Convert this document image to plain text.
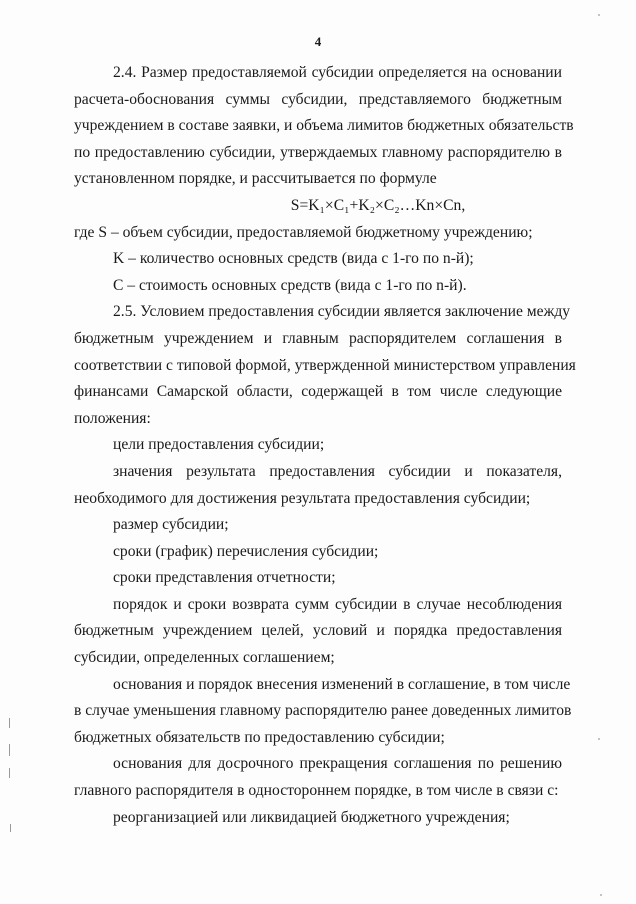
4
2.4. Размер предоставляемой субсидии определяется на основании
расчета-обоснования суммы субсидии, представляемого бюджетным
учреждением в составе заявки, и объема лимитов бюджетных обязательств
по предоставлению субсидии, утверждаемых главному распорядителю в
установленном порядке, и рассчитывается по формуле
S=K₁×C₁+K₂×C₂…Kn×Cn,
где S – объем субсидии, предоставляемой бюджетному учреждению;
K – количество основных средств (вида с 1-го по n-й);
C – стоимость основных средств (вида с 1-го по n-й).
2.5. Условием предоставления субсидии является заключение между
бюджетным учреждением и главным распорядителем соглашения в
соответствии с типовой формой, утвержденной министерством управления
финансами Самарской области, содержащей в том числе следующие
положения:
цели предоставления субсидии;
значения результата предоставления субсидии и показателя,
необходимого для достижения результата предоставления субсидии;
размер субсидии;
сроки (график) перечисления субсидии;
сроки представления отчетности;
порядок и сроки возврата сумм субсидии в случае несоблюдения
бюджетным учреждением целей, условий и порядка предоставления
субсидии, определенных соглашением;
основания и порядок внесения изменений в соглашение, в том числе
в случае уменьшения главному распорядителю ранее доведенных лимитов
бюджетных обязательств по предоставлению субсидии;
основания для досрочного прекращения соглашения по решению
главного распорядителя в одностороннем порядке, в том числе в связи с:
реорганизацией или ликвидацией бюджетного учреждения;
